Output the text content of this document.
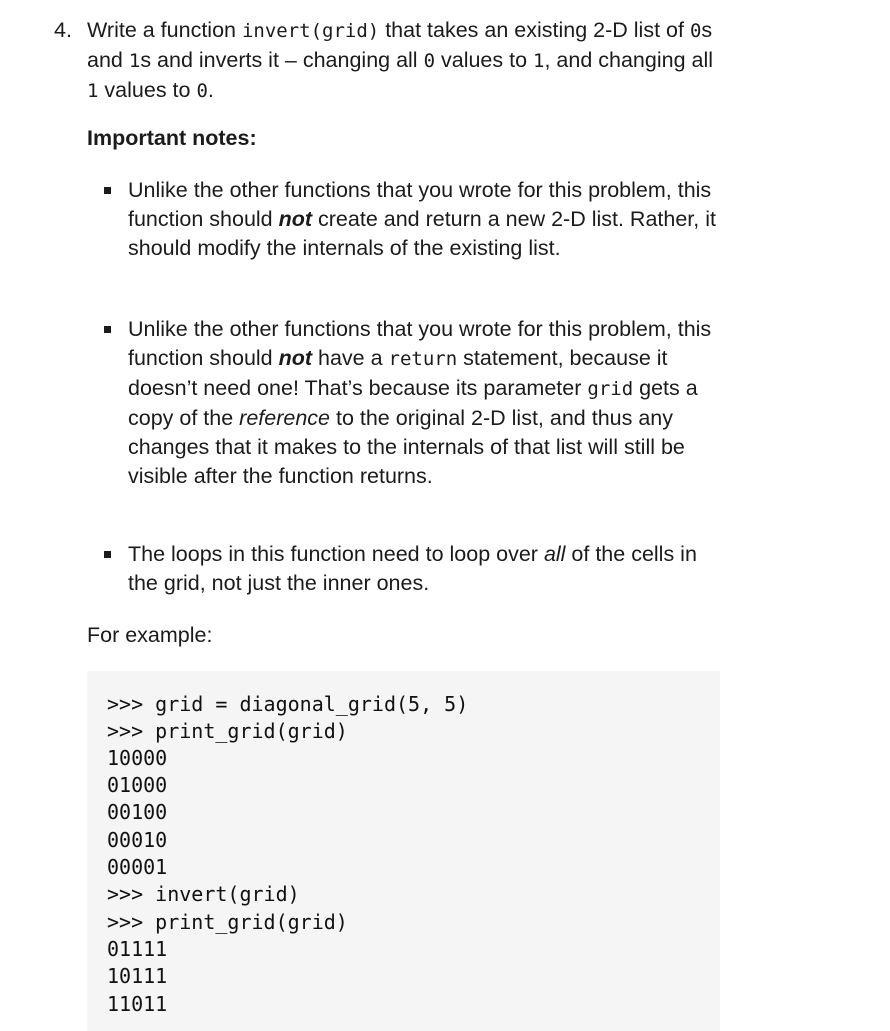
4. Write a function invert(grid) that takes an existing 2-D list of 0s and 1s and inverts it – changing all 0 values to 1, and changing all 1 values to 0.
Important notes:
Unlike the other functions that you wrote for this problem, this function should not create and return a new 2-D list. Rather, it should modify the internals of the existing list.
Unlike the other functions that you wrote for this problem, this function should not have a return statement, because it doesn’t need one! That’s because its parameter grid gets a copy of the reference to the original 2-D list, and thus any changes that it makes to the internals of that list will still be visible after the function returns.
The loops in this function need to loop over all of the cells in the grid, not just the inner ones.
For example:
>>> grid = diagonal_grid(5, 5)
>>> print_grid(grid)
10000
01000
00100
00010
00001
>>> invert(grid)
>>> print_grid(grid)
01111
10111
11011
